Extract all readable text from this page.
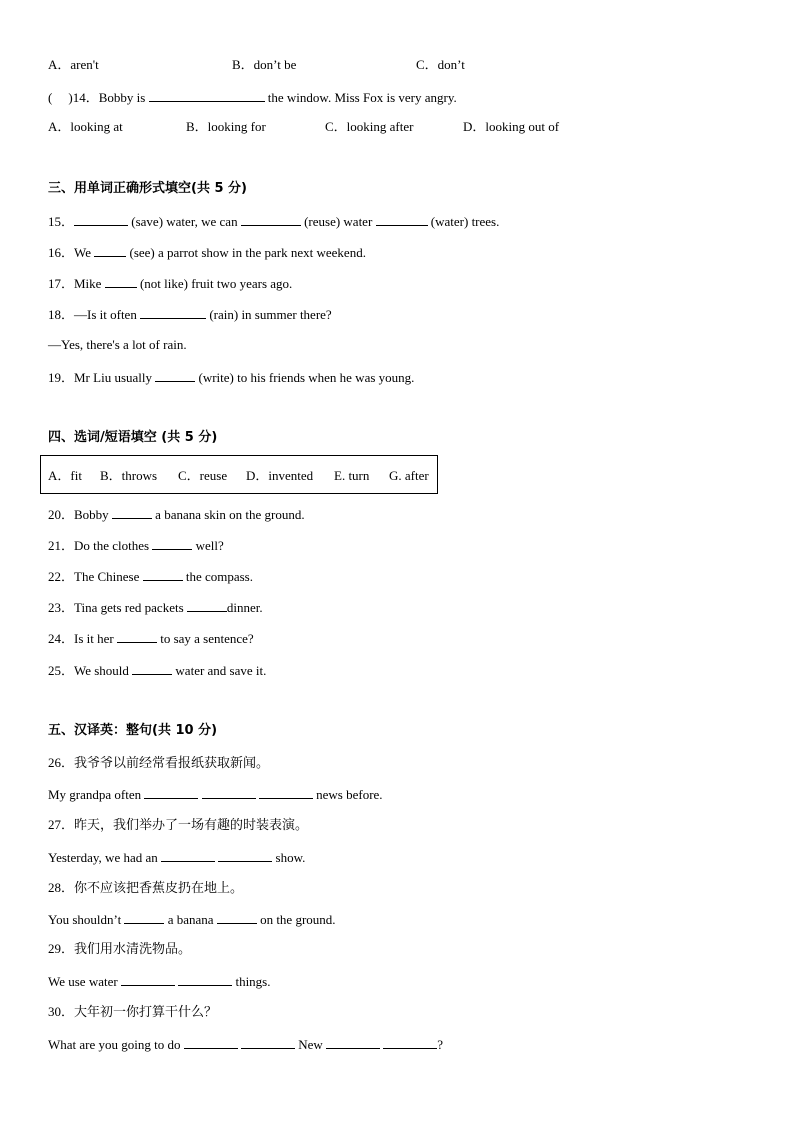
A．aren't	B．don’t be	C．don’t
( )14．Bobby is	the window. Miss Fox is very angry.
A．looking at	B．looking for	C．looking after	D．looking out of
三、用单词正确形式填空(共 5 分)
15．	(save) water, we can	(reuse) water	(water) trees.
16．We	(see) a parrot show in the park next weekend.
17．Mike	(not like) fruit two years ago.
18．—Is it often	(rain) in summer there?
—Yes, there's a lot of rain.
19．Mr Liu usually	(write) to his friends when he was young.
四、选词/短语填空 (共 5 分)
A．fit B．throws C．reuse D．invented E. turn G. after
20．Bobby	a banana skin on the ground.
21．Do the clothes	well?
22．The Chinese	the compass.
23．Tina gets red packets	dinner.
24．Is it her	to say a sentence?
25．We should	water and save it.
五、汉译英：整句(共 10 分)
26．我爷爷以前经常看报纸获取新闻。
My grandpa often	news before.
27．昨天，我们举办了一场有趣的时装表演。
Yesterday, we had an	show.
28．你不应该把香蕉皮扔在地上。
You shouldn’t	a banana	on the ground.
29．我们用水清洗物品。
We use water	things.
30．大年初一你打算干什么？
What are you going to do	New	?
